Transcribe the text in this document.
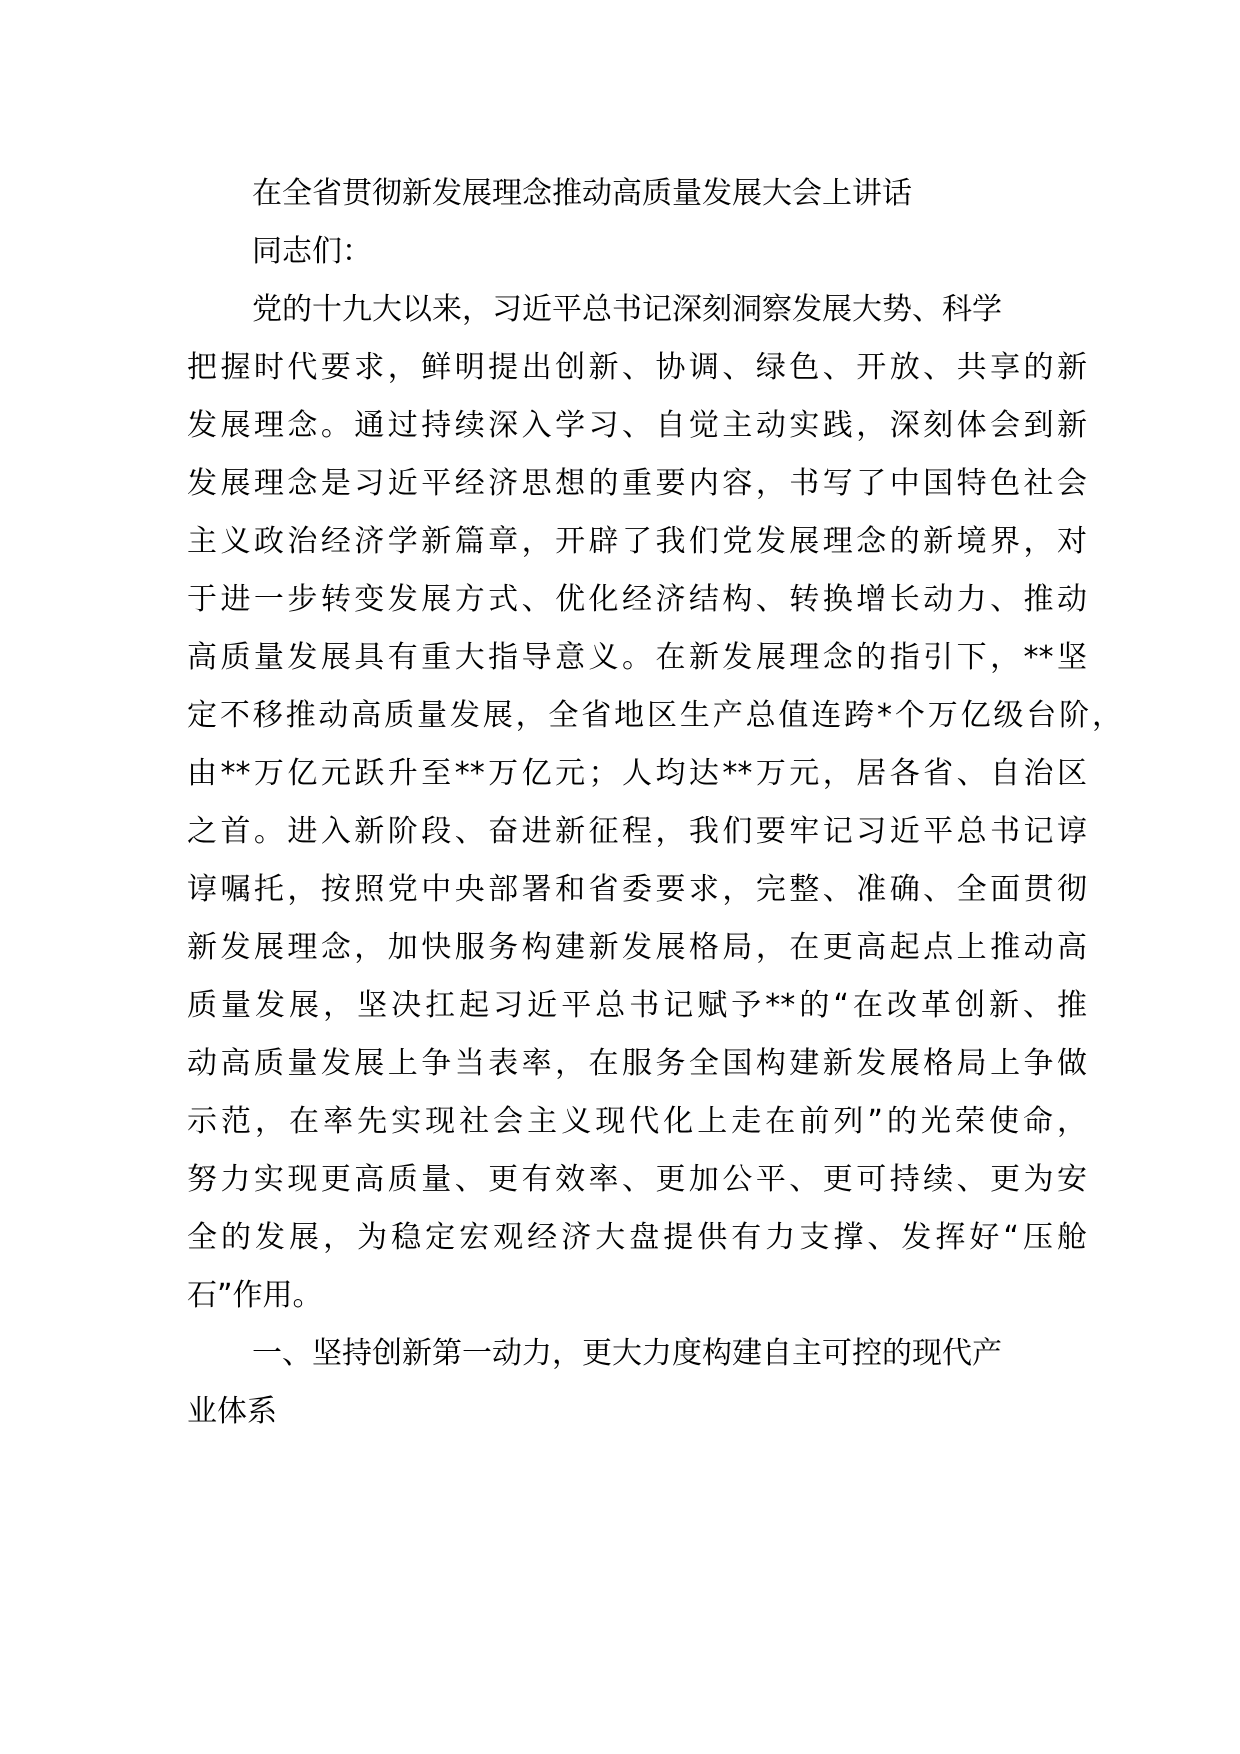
在全省贯彻新发展理念推动高质量发展大会上讲话

同志们：

党的十九大以来，习近平总书记深刻洞察发展大势、科学

把握时代要求，鲜明提出创新、协调、绿色、开放、共享的新

发展理念。通过持续深入学习、自觉主动实践，深刻体会到新

发展理念是习近平经济思想的重要内容，书写了中国特色社会

主义政治经济学新篇章，开辟了我们党发展理念的新境界，对

于进一步转变发展方式、优化经济结构、转换增长动力、推动

高质量发展具有重大指导意义。在新发展理念的指引下，**坚

定不移推动高质量发展，全省地区生产总值连跨*个万亿级台阶，

由**万亿元跃升至**万亿元；人均达**万元，居各省、自治区

之首。进入新阶段、奋进新征程，我们要牢记习近平总书记谆

谆嘱托，按照党中央部署和省委要求，完整、准确、全面贯彻

新发展理念，加快服务构建新发展格局，在更高起点上推动高

质量发展，坚决扛起习近平总书记赋予**的“在改革创新、推

动高质量发展上争当表率，在服务全国构建新发展格局上争做

示范，在率先实现社会主义现代化上走在前列”的光荣使命，

努力实现更高质量、更有效率、更加公平、更可持续、更为安

全的发展，为稳定宏观经济大盘提供有力支撑、发挥好“压舱

石”作用。

一、坚持创新第一动力，更大力度构建自主可控的现代产

业体系
